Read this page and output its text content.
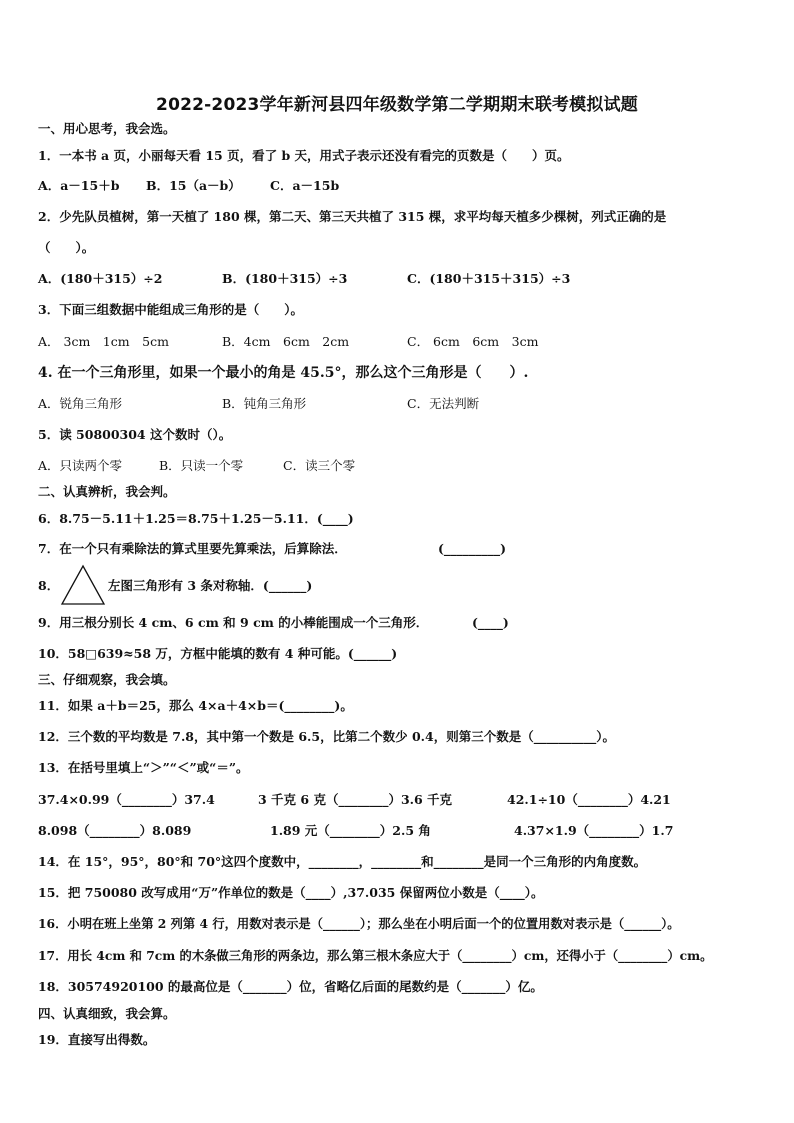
2022-2023学年新河县四年级数学第二学期期末联考模拟试题
一、用心思考，我会选。
1．一本书 a 页，小丽每天看 15 页，看了 b 天，用式子表示还没有看完的页数是（　　）页。
A．a－15＋b B．15（a－b） C．a－15b
2．少先队员植树，第一天植了 180 棵，第二天、第三天共植了 315 棵，求平均每天植多少棵树，列式正确的是
（　　）。
A．(180＋315）÷2	B．(180＋315）÷3	C．(180＋315＋315）÷3
3．下面三组数据中能组成三角形的是（　　）。
A． 3cm　1cm　5cm	B．4cm　6cm　2cm	C． 6cm　6cm　3cm
4. 在一个三角形里，如果一个最小的角是 45.5°，那么这个三角形是（　　）.
A．锐角三角形	B．钝角三角形	C．无法判断
5．读 50800304 这个数时（）。
A．只读两个零	B．只读一个零	C．读三个零
二、认真辨析，我会判。
6．8.75－5.11＋1.25＝8.75＋1.25－5.11．(____)
7．在一个只有乘除法的算式里要先算乘法，后算除法．	(_________)
8．	左图三角形有 3 条对称轴．(______)
9．用三根分别长 4 cm、6 cm 和 9 cm 的小棒能围成一个三角形．	(____)
10．58□639≈58 万，方框中能填的数有 4 种可能。(______)
三、仔细观察，我会填。
11．如果 a＋b＝25，那么 4×a＋4×b＝(________)。
12．三个数的平均数是 7.8，其中第一个数是 6.5，比第二个数少 0.4，则第三个数是（__________）。
13．在括号里填上“＞”“＜”或“＝”。
37.4×0.99（________）37.4	3 千克 6 克（________）3.6 千克	42.1÷10（________）4.21
8.098（________）8.089	1.89 元（________）2.5 角	4.37×1.9（________）1.7
14．在 15°，95°，80°和 70°这四个度数中，________，________和________是同一个三角形的内角度数。
15．把 750080 改写成用“万”作单位的数是（____）,37.035 保留两位小数是（____）。
16．小明在班上坐第 2 列第 4 行，用数对表示是（______）；那么坐在小明后面一个的位置用数对表示是（______）。
17．用长 4cm 和 7cm 的木条做三角形的两条边，那么第三根木条应大于（________）cm，还得小于（________）cm。
18．30574920100 的最高位是（_______）位，省略亿后面的尾数约是（_______）亿。
四、认真细致，我会算。
19．直接写出得数。
